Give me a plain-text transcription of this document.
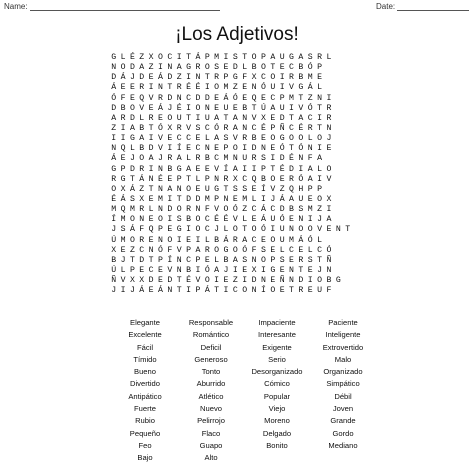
Name:	Date:
¡Los Adjetivos!
G L É Z X O C I T Á P M I S T O P A U G A S R L
N O D A Z I N A G R O S E D L B O T E C B Ó P
D Á J D E Á D Z I N T R P G F X C O I R B M E
Á E E R I N T R É É I O M Z E N Ó U I V G Á L
Ó F E Q V R D N C D D E Á Ó E Q E C P M T Z N I
D B O V E Á J É I O N E U E B T Ú A U I V Ó T R
A R D L R E O U T I U A T A N V X E D T A C I R
Z I A B T Ó X R V S C Ó R A N C É P Ñ C É R T N
I I G A I V E C C E L A S V R B E O G O O L O J
N Q L B D V I Í E C N E P O I D N E Ó T Ó N I E
Á E J O A J R A L R B C M N U R S I D É N F A
G P D R I N B G A E E V Í A I I P T É D I A L O
R G T Á N É E P T L P N R X C Q B O E R Ó A I V
O X Á Z T N A N O E U G T S S E Í V Z Q H P P
É Á S X E M I T D D M P N E M L I J Á A U E O X
M Q M R L N D O R N F V O Ó Z C Á C D B S M Z I
Í M O N E O I S B O C É É V L E Á U Ó E N I J A
J S Á F Q P E G I O C J L O T O Ó I U N O O V E N T
Ú M O R E N O I E I L B Á R A C E O U M Á Ó L
X E Z C N Ó F V P A R O G O Ó F S E L C E L C Ó
B J T D T P Í N C P E L B A S N O P S E R S T Ñ
Ú L P E C E V N B I Ó A J I E X I G E N T E J N
Ñ V X X D E D T É V O I E Z I D N E Ñ N D I O B G
J I J Á E Á N T I P Á T I C O N Í O E T R E U F
Elegante	Responsable	Impaciente	Paciente
Excelente	Romántico	Interesante	Inteligente
Fácil	Deficil	Exigente	Extrovertido
Tímido	Generoso	Serio	Malo
Bueno	Tonto	Desorganizado	Organizado
Divertido	Aburrido	Cómico	Simpático
Antipático	Atlético	Popular	Débil
Fuerte	Nuevo	Viejo	Joven
Rubio	Pelirrojo	Moreno	Grande
Pequeño	Flaco	Delgado	Gordo
Feo	Guapo	Bonito	Mediano
Bajo	Alto
